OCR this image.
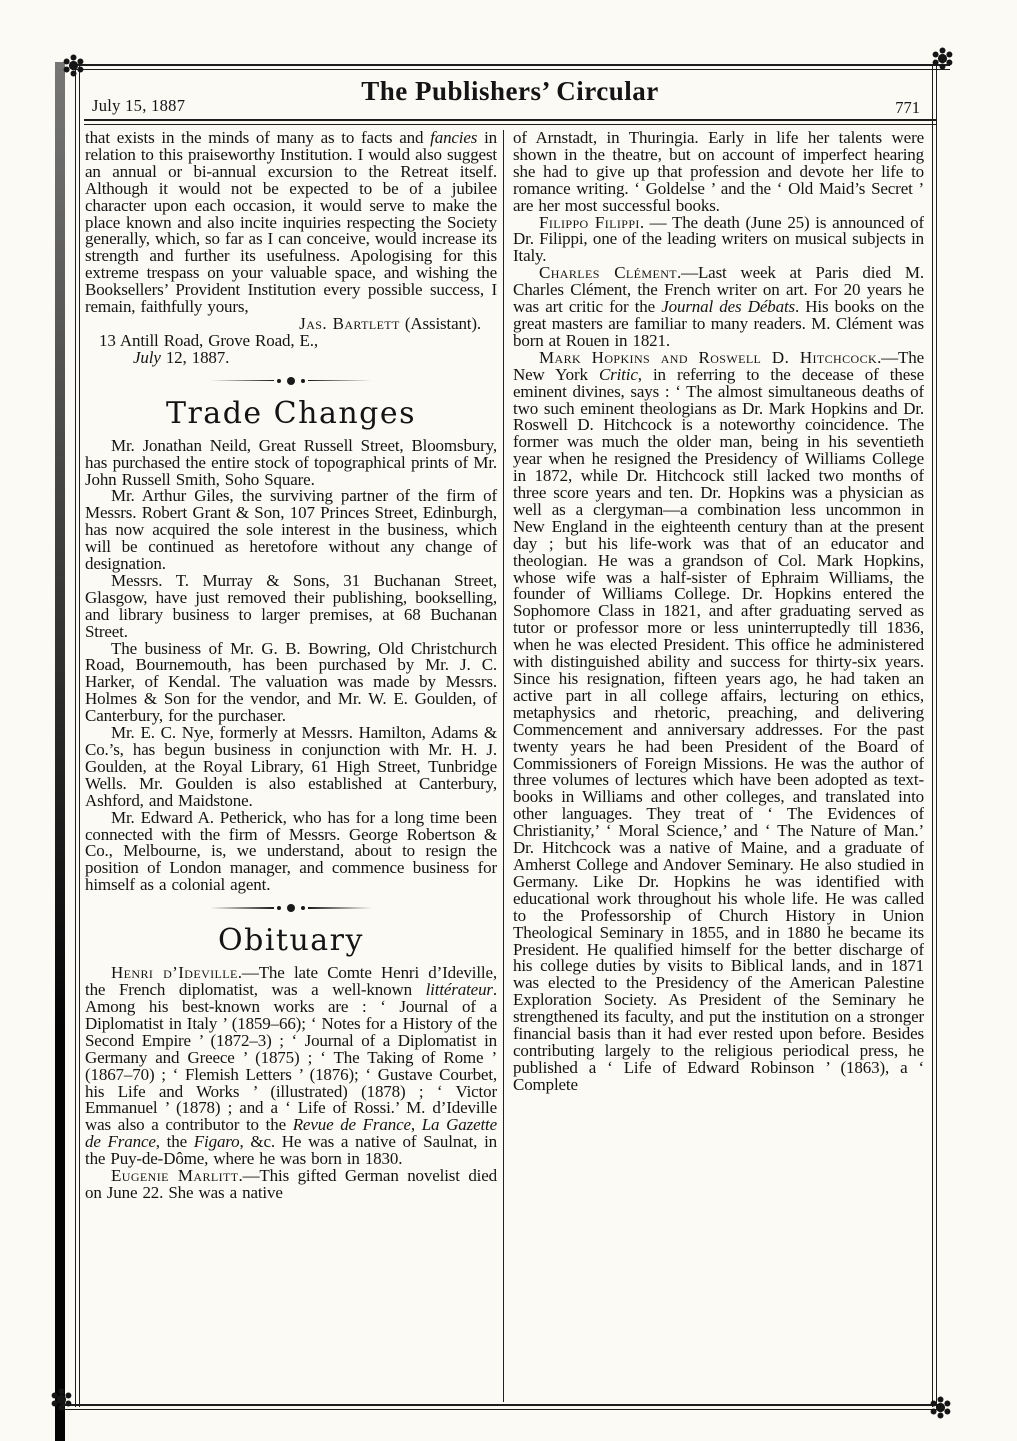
July 15, 1887	The Publishers’ Circular
771

that exists in the minds of many as to facts and fancies in relation to this praiseworthy Institution. I would also suggest an annual or bi-annual excursion to the Retreat itself. Although it would not be expected to be of a jubilee character upon each occasion, it would serve to make the place known and also incite inquiries respecting the Society generally, which, so far as I can conceive, would increase its strength and further its usefulness. Apologising for this extreme trespass on your valuable space, and wishing the Booksellers’ Provident Institution every possible success, I remain, faithfully yours,

Jas. Bartlett (Assistant).

13 Antill Road, Grove Road, E.,

July 12, 1887.

Trade Changes

Mr. Jonathan Neild, Great Russell Street, Bloomsbury, has purchased the entire stock of topographical prints of Mr. John Russell Smith, Soho Square.

Mr. Arthur Giles, the surviving partner of the firm of Messrs. Robert Grant & Son, 107 Princes Street, Edinburgh, has now acquired the sole interest in the business, which will be continued as heretofore without any change of designation.

Messrs. T. Murray & Sons, 31 Buchanan Street, Glasgow, have just removed their publishing, bookselling, and library business to larger premises, at 68 Buchanan Street.

The business of Mr. G. B. Bowring, Old Christchurch Road, Bournemouth, has been purchased by Mr. J. C. Harker, of Kendal. The valuation was made by Messrs. Holmes & Son for the vendor, and Mr. W. E. Goulden, of Canterbury, for the purchaser.

Mr. E. C. Nye, formerly at Messrs. Hamilton, Adams & Co.’s, has begun business in conjunction with Mr. H. J. Goulden, at the Royal Library, 61 High Street, Tunbridge Wells. Mr. Goulden is also established at Canterbury, Ashford, and Maidstone.

Mr. Edward A. Petherick, who has for a long time been connected with the firm of Messrs. George Robertson & Co., Melbourne, is, we understand, about to resign the position of London manager, and commence business for himself as a colonial agent.

Obituary

Henri d’Ideville.—The late Comte Henri d’Ideville, the French diplomatist, was a well-known littérateur. Among his best-known works are : ‘ Journal of a Diplomatist in Italy ’ (1859–66); ‘ Notes for a History of the Second Empire ’ (1872–3) ; ‘ Journal of a Diplomatist in Germany and Greece ’ (1875) ; ‘ The Taking of Rome ’ (1867–70) ; ‘ Flemish Letters ’ (1876); ‘ Gustave Courbet, his Life and Works ’ (illustrated) (1878) ; ‘ Victor Emmanuel ’ (1878) ; and a ‘ Life of Rossi.’ M. d’Ideville was also a contributor to the Revue de France, La Gazette de France, the Figaro, &c. He was a native of Saulnat, in the Puy-de-Dôme, where he was born in 1830.

Eugenie Marlitt.—This gifted German novelist died on June 22. She was a native

of Arnstadt, in Thuringia. Early in life her talents were shown in the theatre, but on account of imperfect hearing she had to give up that profession and devote her life to romance writing. ‘ Goldelse ’ and the ‘ Old Maid’s Secret ’ are her most successful books.

Filippo Filippi. — The death (June 25) is announced of Dr. Filippi, one of the leading writers on musical subjects in Italy.

Charles Clément.—Last week at Paris died M. Charles Clément, the French writer on art. For 20 years he was art critic for the Journal des Débats. His books on the great masters are familiar to many readers. M. Clément was born at Rouen in 1821.

Mark Hopkins and Roswell D. Hitchcock.—The New York Critic, in referring to the decease of these eminent divines, says : ‘ The almost simultaneous deaths of two such eminent theologians as Dr. Mark Hopkins and Dr. Roswell D. Hitchcock is a noteworthy coincidence. The former was much the older man, being in his seventieth year when he resigned the Presidency of Williams College in 1872, while Dr. Hitchcock still lacked two months of three score years and ten. Dr. Hopkins was a physician as well as a clergyman—a combination less uncommon in New England in the eighteenth century than at the present day ; but his life-work was that of an educator and theologian. He was a grandson of Col. Mark Hopkins, whose wife was a half-sister of Ephraim Williams, the founder of Williams College. Dr. Hopkins entered the Sophomore Class in 1821, and after graduating served as tutor or professor more or less uninterruptedly till 1836, when he was elected President. This office he administered with distinguished ability and success for thirty-six years. Since his resignation, fifteen years ago, he had taken an active part in all college affairs, lecturing on ethics, metaphysics and rhetoric, preaching, and delivering Commencement and anniversary addresses. For the past twenty years he had been President of the Board of Commissioners of Foreign Missions. He was the author of three volumes of lectures which have been adopted as text-books in Williams and other colleges, and translated into other languages. They treat of ‘ The Evidences of Christianity,’ ‘ Moral Science,’ and ‘ The Nature of Man.’ Dr. Hitchcock was a native of Maine, and a graduate of Amherst College and Andover Seminary. He also studied in Germany. Like Dr. Hopkins he was identified with educational work throughout his whole life. He was called to the Professorship of Church History in Union Theological Seminary in 1855, and in 1880 he became its President. He qualified himself for the better discharge of his college duties by visits to Biblical lands, and in 1871 was elected to the Presidency of the American Palestine Exploration Society. As President of the Seminary he strengthened its faculty, and put the institution on a stronger financial basis than it had ever rested upon before. Besides contributing largely to the religious periodical press, he published a ‘ Life of Edward Robinson ’ (1863), a ‘ Complete
